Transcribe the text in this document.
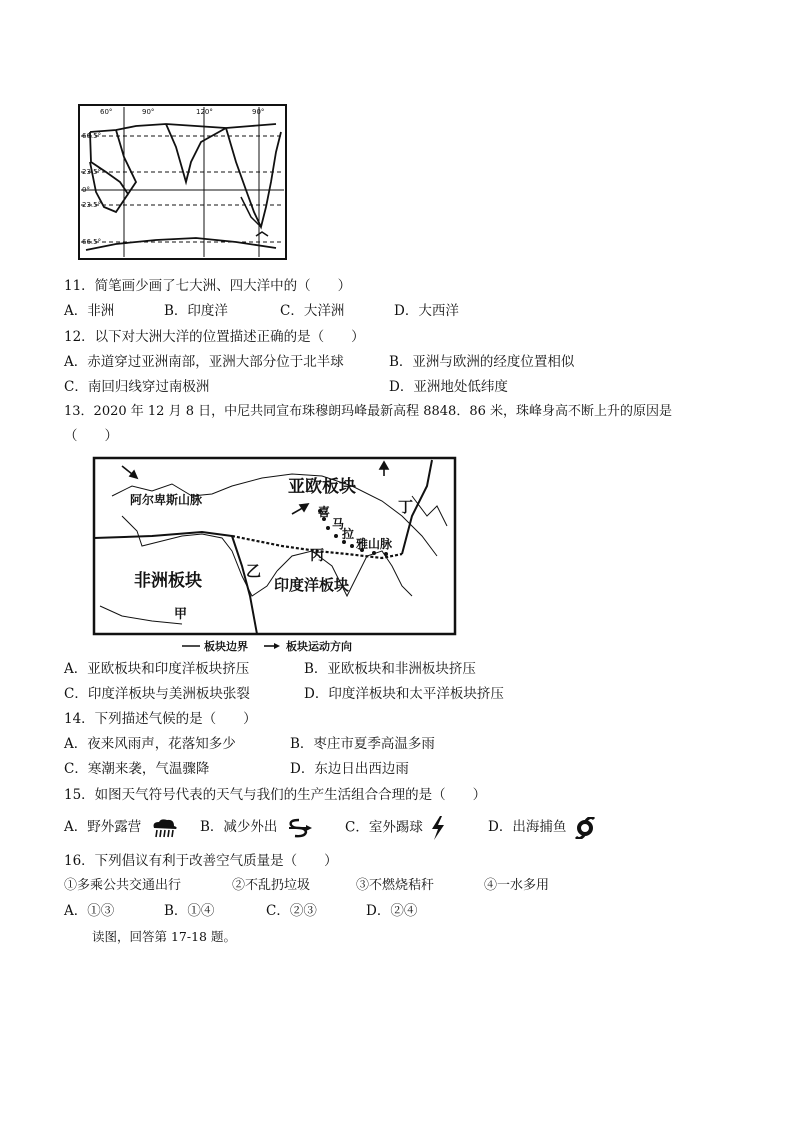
60°	90°	120°	90°
66.5°
23.5°
0°
23.5°
66.5°
11．简笔画少画了七大洲、四大洋中的（　　）
A．非洲	B．印度洋	C．大洋洲	D．大西洋
12．以下对大洲大洋的位置描述正确的是（　　）
A．赤道穿过亚洲南部，亚洲大部分位于北半球	B．亚洲与欧洲的经度位置相似
C．南回归线穿过南极洲	D．亚洲地处低纬度
13．2020 年 12 月 8 日，中尼共同宣布珠穆朗玛峰最新高程 8848．86 米，珠峰身高不断上升的原因是
（　　）
亚欧板块
阿尔卑斯山脉	丁
喜
马
拉
雅山脉
丙
乙
非洲板块	印度洋板块
甲
板块边界	板块运动方向
A．亚欧板块和印度洋板块挤压	B．亚欧板块和非洲板块挤压
C．印度洋板块与美洲板块张裂	D．印度洋板块和太平洋板块挤压
14．下列描述气候的是（　　）
A．夜来风雨声，花落知多少	B．枣庄市夏季高温多雨
C．寒潮来袭，气温骤降	D．东边日出西边雨
15．如图天气符号代表的天气与我们的生产生活组合合理的是（　　）
A．野外露营	B．减少外出	C．室外踢球	D．出海捕鱼
16．下列倡议有利于改善空气质量是（　　）
①多乘公共交通出行	②不乱扔垃圾	③不燃烧秸秆	④一水多用
A．①③	B．①④	C．②③	D．②④
读图，回答第 17-18 题。
